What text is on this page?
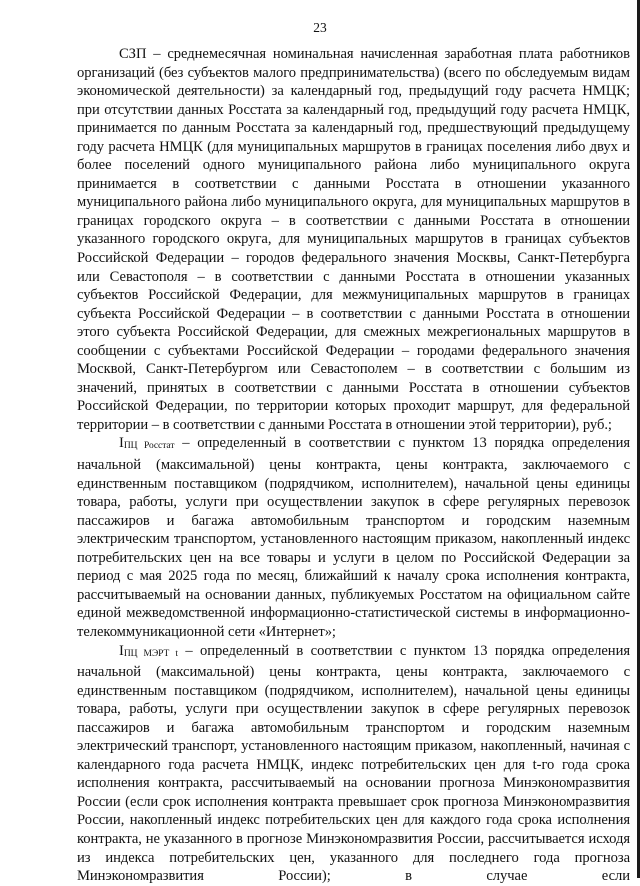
23

СЗП – среднемесячная номинальная начисленная заработная плата работников организаций (без субъектов малого предпринимательства) (всего по обследуемым видам экономической деятельности) за календарный год, предыдущий году расчета НМЦК; при отсутствии данных Росстата за календарный год, предыдущий году расчета НМЦК, принимается по данным Росстата за календарный год, предшествующий предыдущему году расчета НМЦК (для муниципальных маршрутов в границах поселения либо двух и более поселений одного муниципального района либо муниципального округа принимается в соответствии с данными Росстата в отношении указанного муниципального района либо муниципального округа, для муниципальных маршрутов в границах городского округа – в соответствии с данными Росстата в отношении указанного городского округа, для муниципальных маршрутов в границах субъектов Российской Федерации – городов федерального значения Москвы, Санкт-Петербурга или Севастополя – в соответствии с данными Росстата в отношении указанных субъектов Российской Федерации, для межмуниципальных маршрутов в границах субъекта Российской Федерации – в соответствии с данными Росстата в отношении этого субъекта Российской Федерации, для смежных межрегиональных маршрутов в сообщении с субъектами Российской Федерации – городами федерального значения Москвой, Санкт-Петербургом или Севастополем – в соответствии с большим из значений, принятых в соответствии с данными Росстата в отношении субъектов Российской Федерации, по территории которых проходит маршрут, для федеральной территории – в соответствии с данными Росстата в отношении этой территории), руб.;

IПЦ Росстат – определенный в соответствии с пунктом 13 порядка определения начальной (максимальной) цены контракта, цены контракта, заключаемого с единственным поставщиком (подрядчиком, исполнителем), начальной цены единицы товара, работы, услуги при осуществлении закупок в сфере регулярных перевозок пассажиров и багажа автомобильным транспортом и городским наземным электрическим транспортом, установленного настоящим приказом, накопленный индекс потребительских цен на все товары и услуги в целом по Российской Федерации за период с мая 2025 года по месяц, ближайший к началу срока исполнения контракта, рассчитываемый на основании данных, публикуемых Росстатом на официальном сайте единой межведомственной информационно-статистической системы в информационно-телекоммуникационной сети «Интернет»;

IПЦ МЭРТ t – определенный в соответствии с пунктом 13 порядка определения начальной (максимальной) цены контракта, цены контракта, заключаемого с единственным поставщиком (подрядчиком, исполнителем), начальной цены единицы товара, работы, услуги при осуществлении закупок в сфере регулярных перевозок пассажиров и багажа автомобильным транспортом и городским наземным электрический транспорт, установленного настоящим приказом, накопленный, начиная с календарного года расчета НМЦК, индекс потребительских цен для t-го года срока исполнения контракта, рассчитываемый на основании прогноза Минэкономразвития России (если срок исполнения контракта превышает срок прогноза Минэкономразвития России, накопленный индекс потребительских цен для каждого года срока исполнения контракта, не указанного в прогнозе Минэкономразвития России, рассчитывается исходя из индекса потребительских цен, указанного для последнего года прогноза Минэкономразвития России); в случае если
